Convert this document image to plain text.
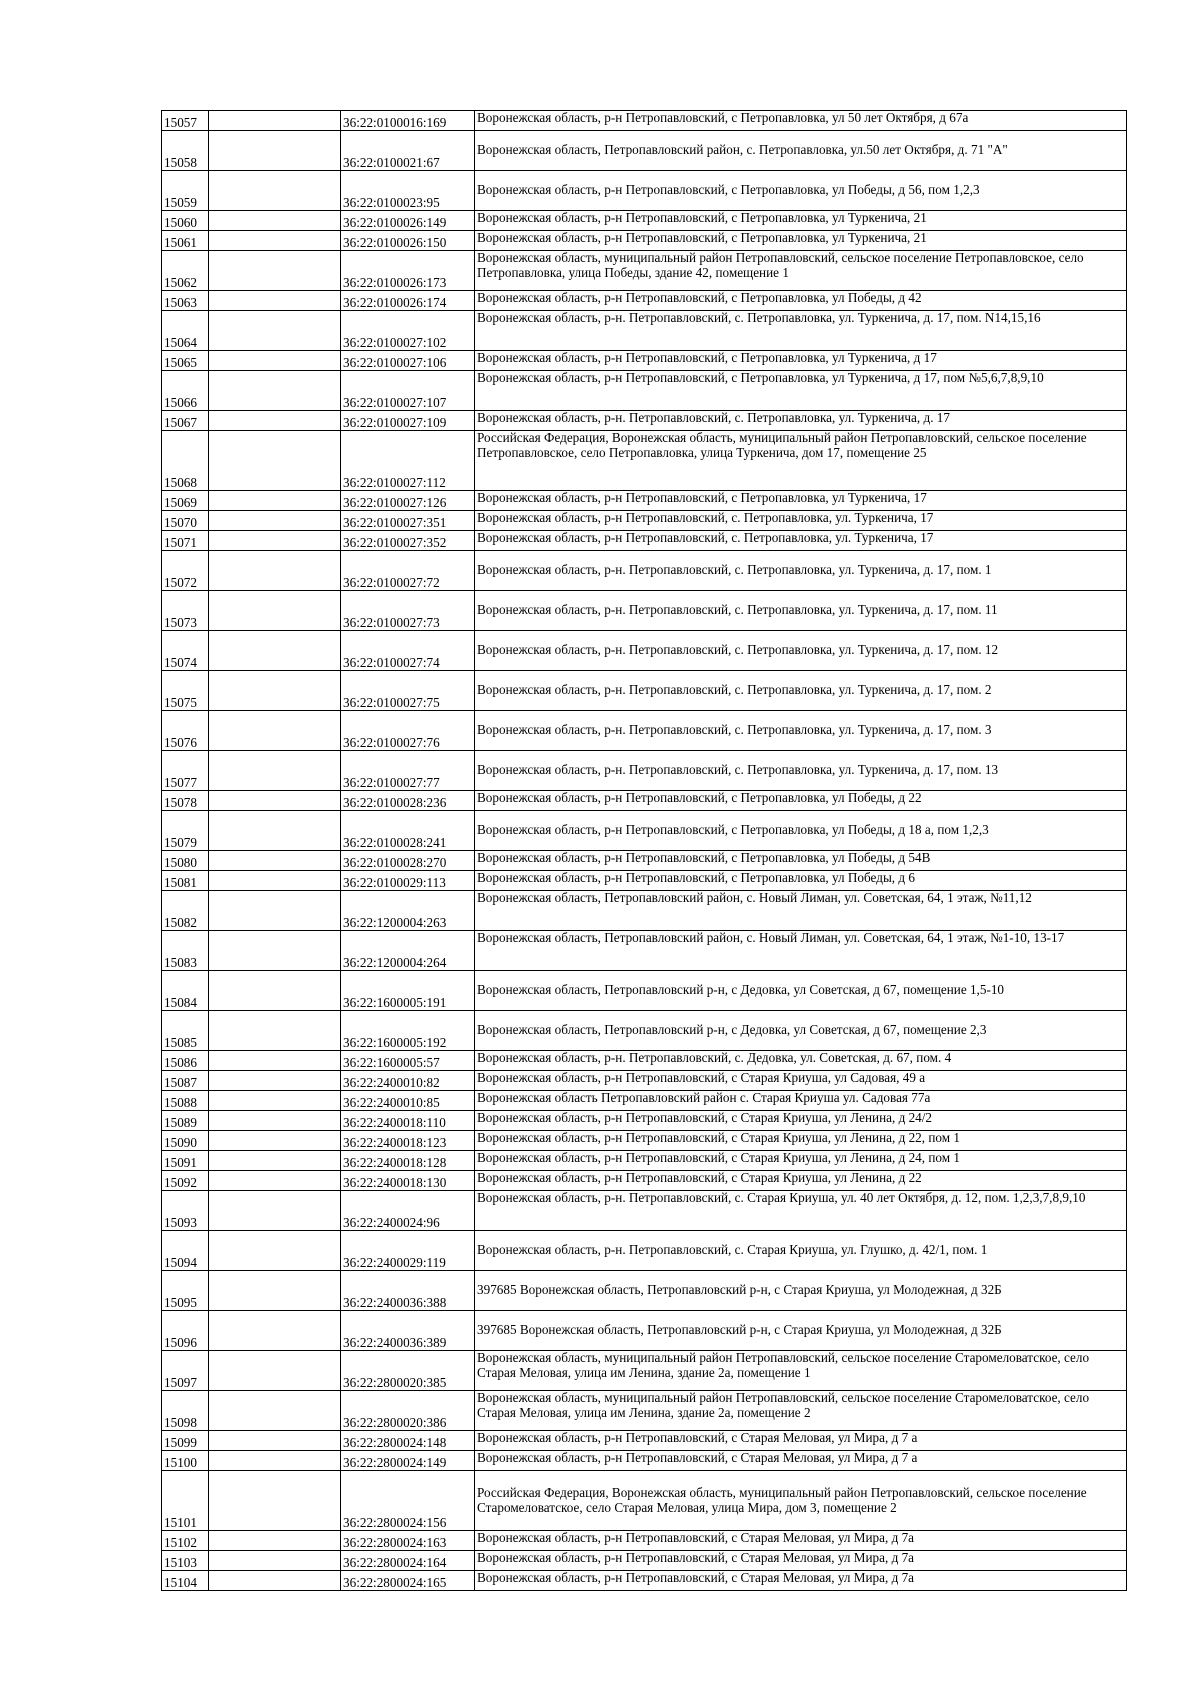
15057		36:22:0100016:169	Воронежская область, р-н Петропавловский, с Петропавловка, ул 50 лет Октября, д 67а
15058		36:22:0100021:67	Воронежская область, Петропавловский район, с. Петропавловка, ул.50 лет Октября, д. 71 "А"
15059		36:22:0100023:95	Воронежская область, р-н Петропавловский, с Петропавловка, ул Победы, д 56, пом 1,2,3
15060		36:22:0100026:149	Воронежская область, р-н Петропавловский, с Петропавловка, ул Туркенича, 21
15061		36:22:0100026:150	Воронежская область, р-н Петропавловский, с Петропавловка, ул Туркенича, 21
15062		36:22:0100026:173	Воронежская область, муниципальный район Петропавловский, сельское поселение Петропавловское, село Петропавловка, улица Победы, здание 42, помещение 1
15063		36:22:0100026:174	Воронежская область, р-н Петропавловский, с Петропавловка, ул Победы, д 42
15064		36:22:0100027:102	Воронежская область, р-н. Петропавловский, с. Петропавловка, ул. Туркенича, д. 17, пом. N14,15,16
15065		36:22:0100027:106	Воронежская область, р-н Петропавловский, с Петропавловка, ул Туркенича, д 17
15066		36:22:0100027:107	Воронежская область, р-н Петропавловский, с Петропавловка, ул Туркенича, д 17, пом №5,6,7,8,9,10
15067		36:22:0100027:109	Воронежская область, р-н. Петропавловский, с. Петропавловка, ул. Туркенича, д. 17
15068		36:22:0100027:112	Российская Федерация, Воронежская область, муниципальный район Петропавловский, сельское поселение Петропавловское, село Петропавловка, улица Туркенича, дом 17, помещение 25
15069		36:22:0100027:126	Воронежская область, р-н Петропавловский, с Петропавловка, ул Туркенича, 17
15070		36:22:0100027:351	Воронежская область, р-н Петропавловский, с. Петропавловка, ул. Туркенича, 17
15071		36:22:0100027:352	Воронежская область, р-н Петропавловский, с. Петропавловка, ул. Туркенича, 17
15072		36:22:0100027:72	Воронежская область, р-н. Петропавловский, с. Петропавловка, ул. Туркенича, д. 17, пом. 1
15073		36:22:0100027:73	Воронежская область, р-н. Петропавловский, с. Петропавловка, ул. Туркенича, д. 17, пом. 11
15074		36:22:0100027:74	Воронежская область, р-н. Петропавловский, с. Петропавловка, ул. Туркенича, д. 17, пом. 12
15075		36:22:0100027:75	Воронежская область, р-н. Петропавловский, с. Петропавловка, ул. Туркенича, д. 17, пом. 2
15076		36:22:0100027:76	Воронежская область, р-н. Петропавловский, с. Петропавловка, ул. Туркенича, д. 17, пом. 3
15077		36:22:0100027:77	Воронежская область, р-н. Петропавловский, с. Петропавловка, ул. Туркенича, д. 17, пом. 13
15078		36:22:0100028:236	Воронежская область, р-н Петропавловский, с Петропавловка, ул Победы, д 22
15079		36:22:0100028:241	Воронежская область, р-н Петропавловский, с Петропавловка, ул Победы, д 18 а, пом 1,2,3
15080		36:22:0100028:270	Воронежская область, р-н Петропавловский, с Петропавловка, ул Победы, д 54В
15081		36:22:0100029:113	Воронежская область, р-н Петропавловский, с Петропавловка, ул Победы, д 6
15082		36:22:1200004:263	Воронежская область, Петропавловский район, с. Новый Лиман, ул. Советская, 64, 1 этаж, №11,12
15083		36:22:1200004:264	Воронежская область, Петропавловский район, с. Новый Лиман, ул. Советская, 64, 1 этаж, №1-10, 13-17
15084		36:22:1600005:191	Воронежская область, Петропавловский р-н, с Дедовка, ул Советская, д 67, помещение 1,5-10
15085		36:22:1600005:192	Воронежская область, Петропавловский р-н, с Дедовка, ул Советская, д 67, помещение 2,3
15086		36:22:1600005:57	Воронежская область, р-н. Петропавловский, с. Дедовка, ул. Советская, д. 67, пом. 4
15087		36:22:2400010:82	Воронежская область, р-н Петропавловский, с Старая Криуша, ул Садовая, 49 а
15088		36:22:2400010:85	Воронежская область Петропавловский район с. Старая Криуша ул. Садовая 77а
15089		36:22:2400018:110	Воронежская область, р-н Петропавловский, с Старая Криуша, ул Ленина, д 24/2
15090		36:22:2400018:123	Воронежская область, р-н Петропавловский, с Старая Криуша, ул Ленина, д 22, пом 1
15091		36:22:2400018:128	Воронежская область, р-н Петропавловский, с Старая Криуша, ул Ленина, д 24, пом 1
15092		36:22:2400018:130	Воронежская область, р-н Петропавловский, с Старая Криуша, ул Ленина, д 22
15093		36:22:2400024:96	Воронежская область, р-н. Петропавловский, с. Старая Криуша, ул. 40 лет Октября, д. 12, пом. 1,2,3,7,8,9,10
15094		36:22:2400029:119	Воронежская область, р-н. Петропавловский, с. Старая Криуша, ул. Глушко, д. 42/1, пом. 1
15095		36:22:2400036:388	397685 Воронежская область, Петропавловский р-н, с Старая Криуша, ул Молодежная, д 32Б
15096		36:22:2400036:389	397685 Воронежская область, Петропавловский р-н, с Старая Криуша, ул Молодежная, д 32Б
15097		36:22:2800020:385	Воронежская область, муниципальный район Петропавловский, сельское поселение Старомеловатское, село Старая Меловая, улица им Ленина, здание 2а, помещение 1
15098		36:22:2800020:386	Воронежская область, муниципальный район Петропавловский, сельское поселение Старомеловатское, село Старая Меловая, улица им Ленина, здание 2а, помещение 2
15099		36:22:2800024:148	Воронежская область, р-н Петропавловский, с Старая Меловая, ул Мира, д 7 а
15100		36:22:2800024:149	Воронежская область, р-н Петропавловский, с Старая Меловая, ул Мира, д 7 а
15101		36:22:2800024:156	Российская Федерация, Воронежская область, муниципальный район Петропавловский, сельское поселение Старомеловатское, село Старая Меловая, улица Мира, дом 3, помещение 2
15102		36:22:2800024:163	Воронежская область, р-н Петропавловский, с Старая Меловая, ул Мира, д 7а
15103		36:22:2800024:164	Воронежская область, р-н Петропавловский, с Старая Меловая, ул Мира, д 7а
15104		36:22:2800024:165	Воронежская область, р-н Петропавловский, с Старая Меловая, ул Мира, д 7а
